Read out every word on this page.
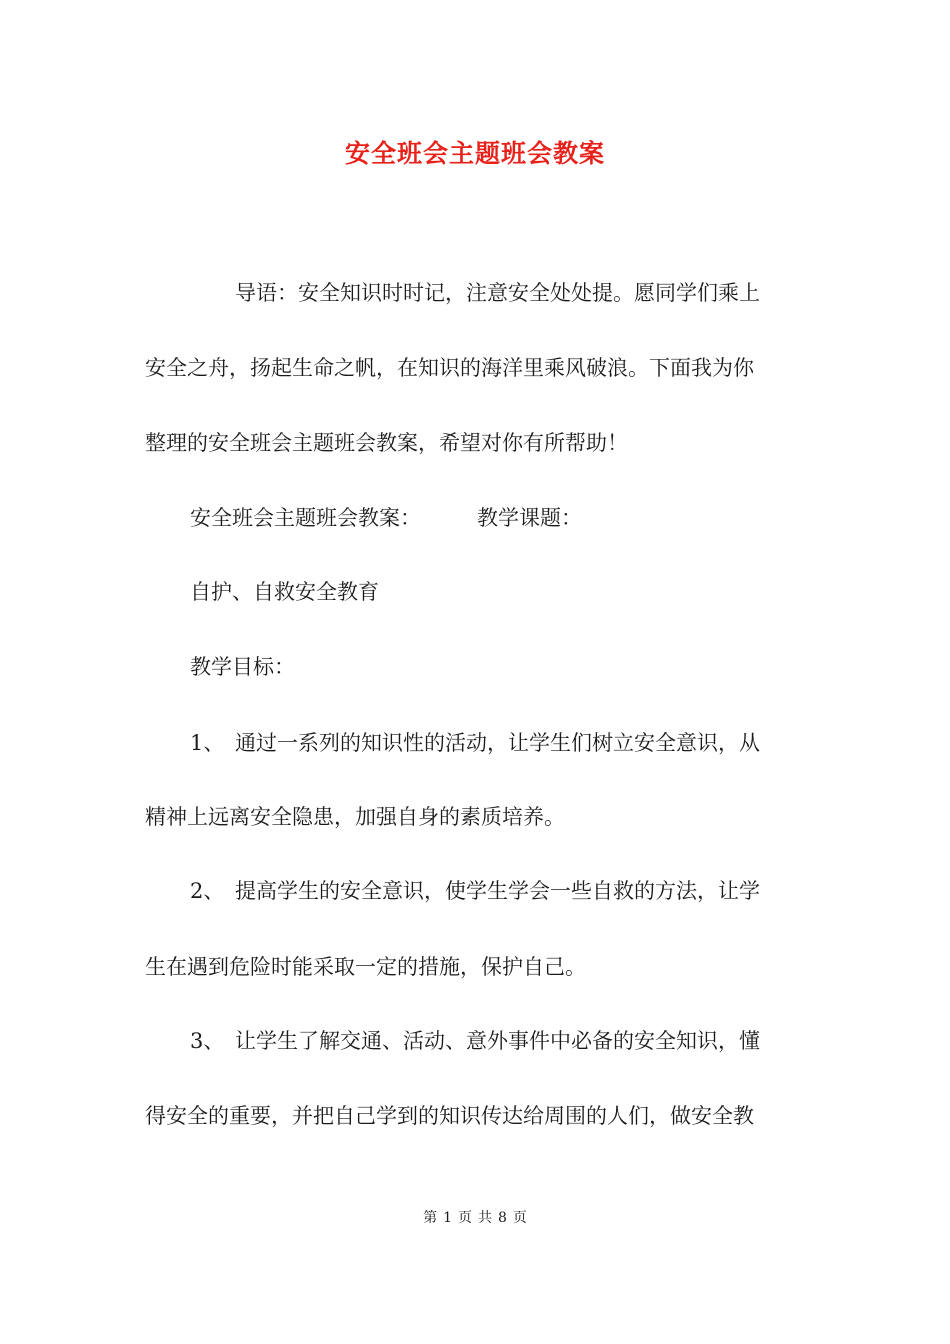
安全班会主题班会教案

导语：安全知识时时记，注意安全处处提。愿同学们乘上

安全之舟，扬起生命之帆，在知识的海洋里乘风破浪。下面我为你

整理的安全班会主题班会教案，希望对你有所帮助！

安全班会主题班会教案：	教学课题：

自护、自救安全教育

教学目标：

1、 通过一系列的知识性的活动，让学生们树立安全意识，从

精神上远离安全隐患，加强自身的素质培养。

2、 提高学生的安全意识，使学生学会一些自救的方法，让学

生在遇到危险时能采取一定的措施，保护自己。

3、 让学生了解交通、活动、意外事件中必备的安全知识，懂

得安全的重要，并把自己学到的知识传达给周围的人们，做安全教

第 1 页 共 8 页
